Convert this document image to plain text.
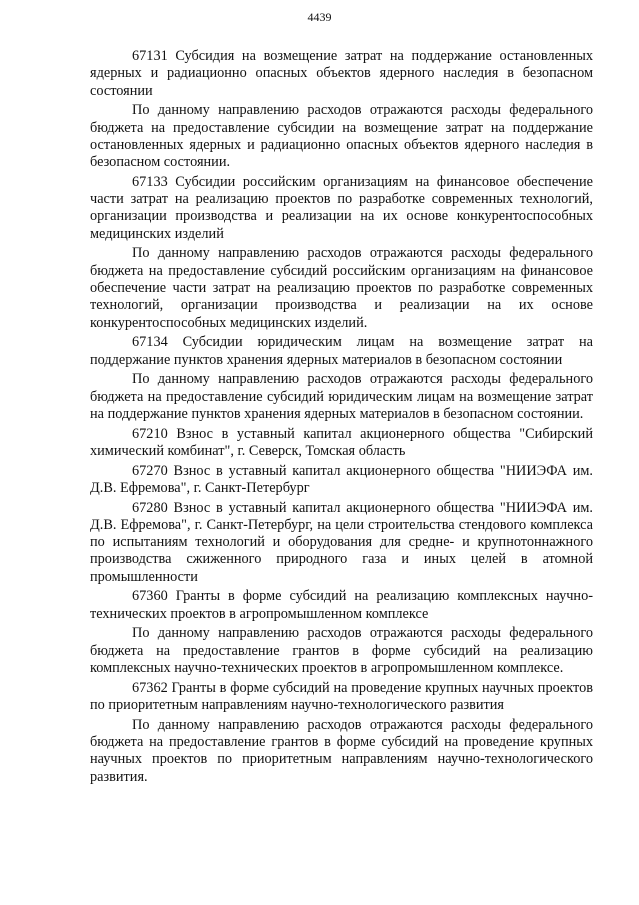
4439

67131 Субсидия на возмещение затрат на поддержание остановленных ядерных и радиационно опасных объектов ядерного наследия в безопасном состоянии

По данному направлению расходов отражаются расходы федерального бюджета на предоставление субсидии на возмещение затрат на поддержание остановленных ядерных и радиационно опасных объектов ядерного наследия в безопасном состоянии.

67133 Субсидии российским организациям на финансовое обеспечение части затрат на реализацию проектов по разработке современных технологий, организации производства и реализации на их основе конкурентоспособных медицинских изделий

По данному направлению расходов отражаются расходы федерального бюджета на предоставление субсидий российским организациям на финансовое обеспечение части затрат на реализацию проектов по разработке современных технологий, организации производства и реализации на их основе конкурентоспособных медицинских изделий.

67134 Субсидии юридическим лицам на возмещение затрат на поддержание пунктов хранения ядерных материалов в безопасном состоянии

По данному направлению расходов отражаются расходы федерального бюджета на предоставление субсидий юридическим лицам на возмещение затрат на поддержание пунктов хранения ядерных материалов в безопасном состоянии.

67210 Взнос в уставный капитал акционерного общества "Сибирский химический комбинат", г. Северск, Томская область

67270 Взнос в уставный капитал акционерного общества "НИИЭФА им. Д.В. Ефремова", г. Санкт-Петербург

67280 Взнос в уставный капитал акционерного общества "НИИЭФА им. Д.В. Ефремова", г. Санкт-Петербург, на цели строительства стендового комплекса по испытаниям технологий и оборудования для средне- и крупнотоннажного производства сжиженного природного газа и иных целей в атомной промышленности

67360 Гранты в форме субсидий на реализацию комплексных научно-технических проектов в агропромышленном комплексе

По данному направлению расходов отражаются расходы федерального бюджета на предоставление грантов в форме субсидий на реализацию комплексных научно-технических проектов в агропромышленном комплексе.

67362 Гранты в форме субсидий на проведение крупных научных проектов по приоритетным направлениям научно-технологического развития

По данному направлению расходов отражаются расходы федерального бюджета на предоставление грантов в форме субсидий на проведение крупных научных проектов по приоритетным направлениям научно-технологического развития.
